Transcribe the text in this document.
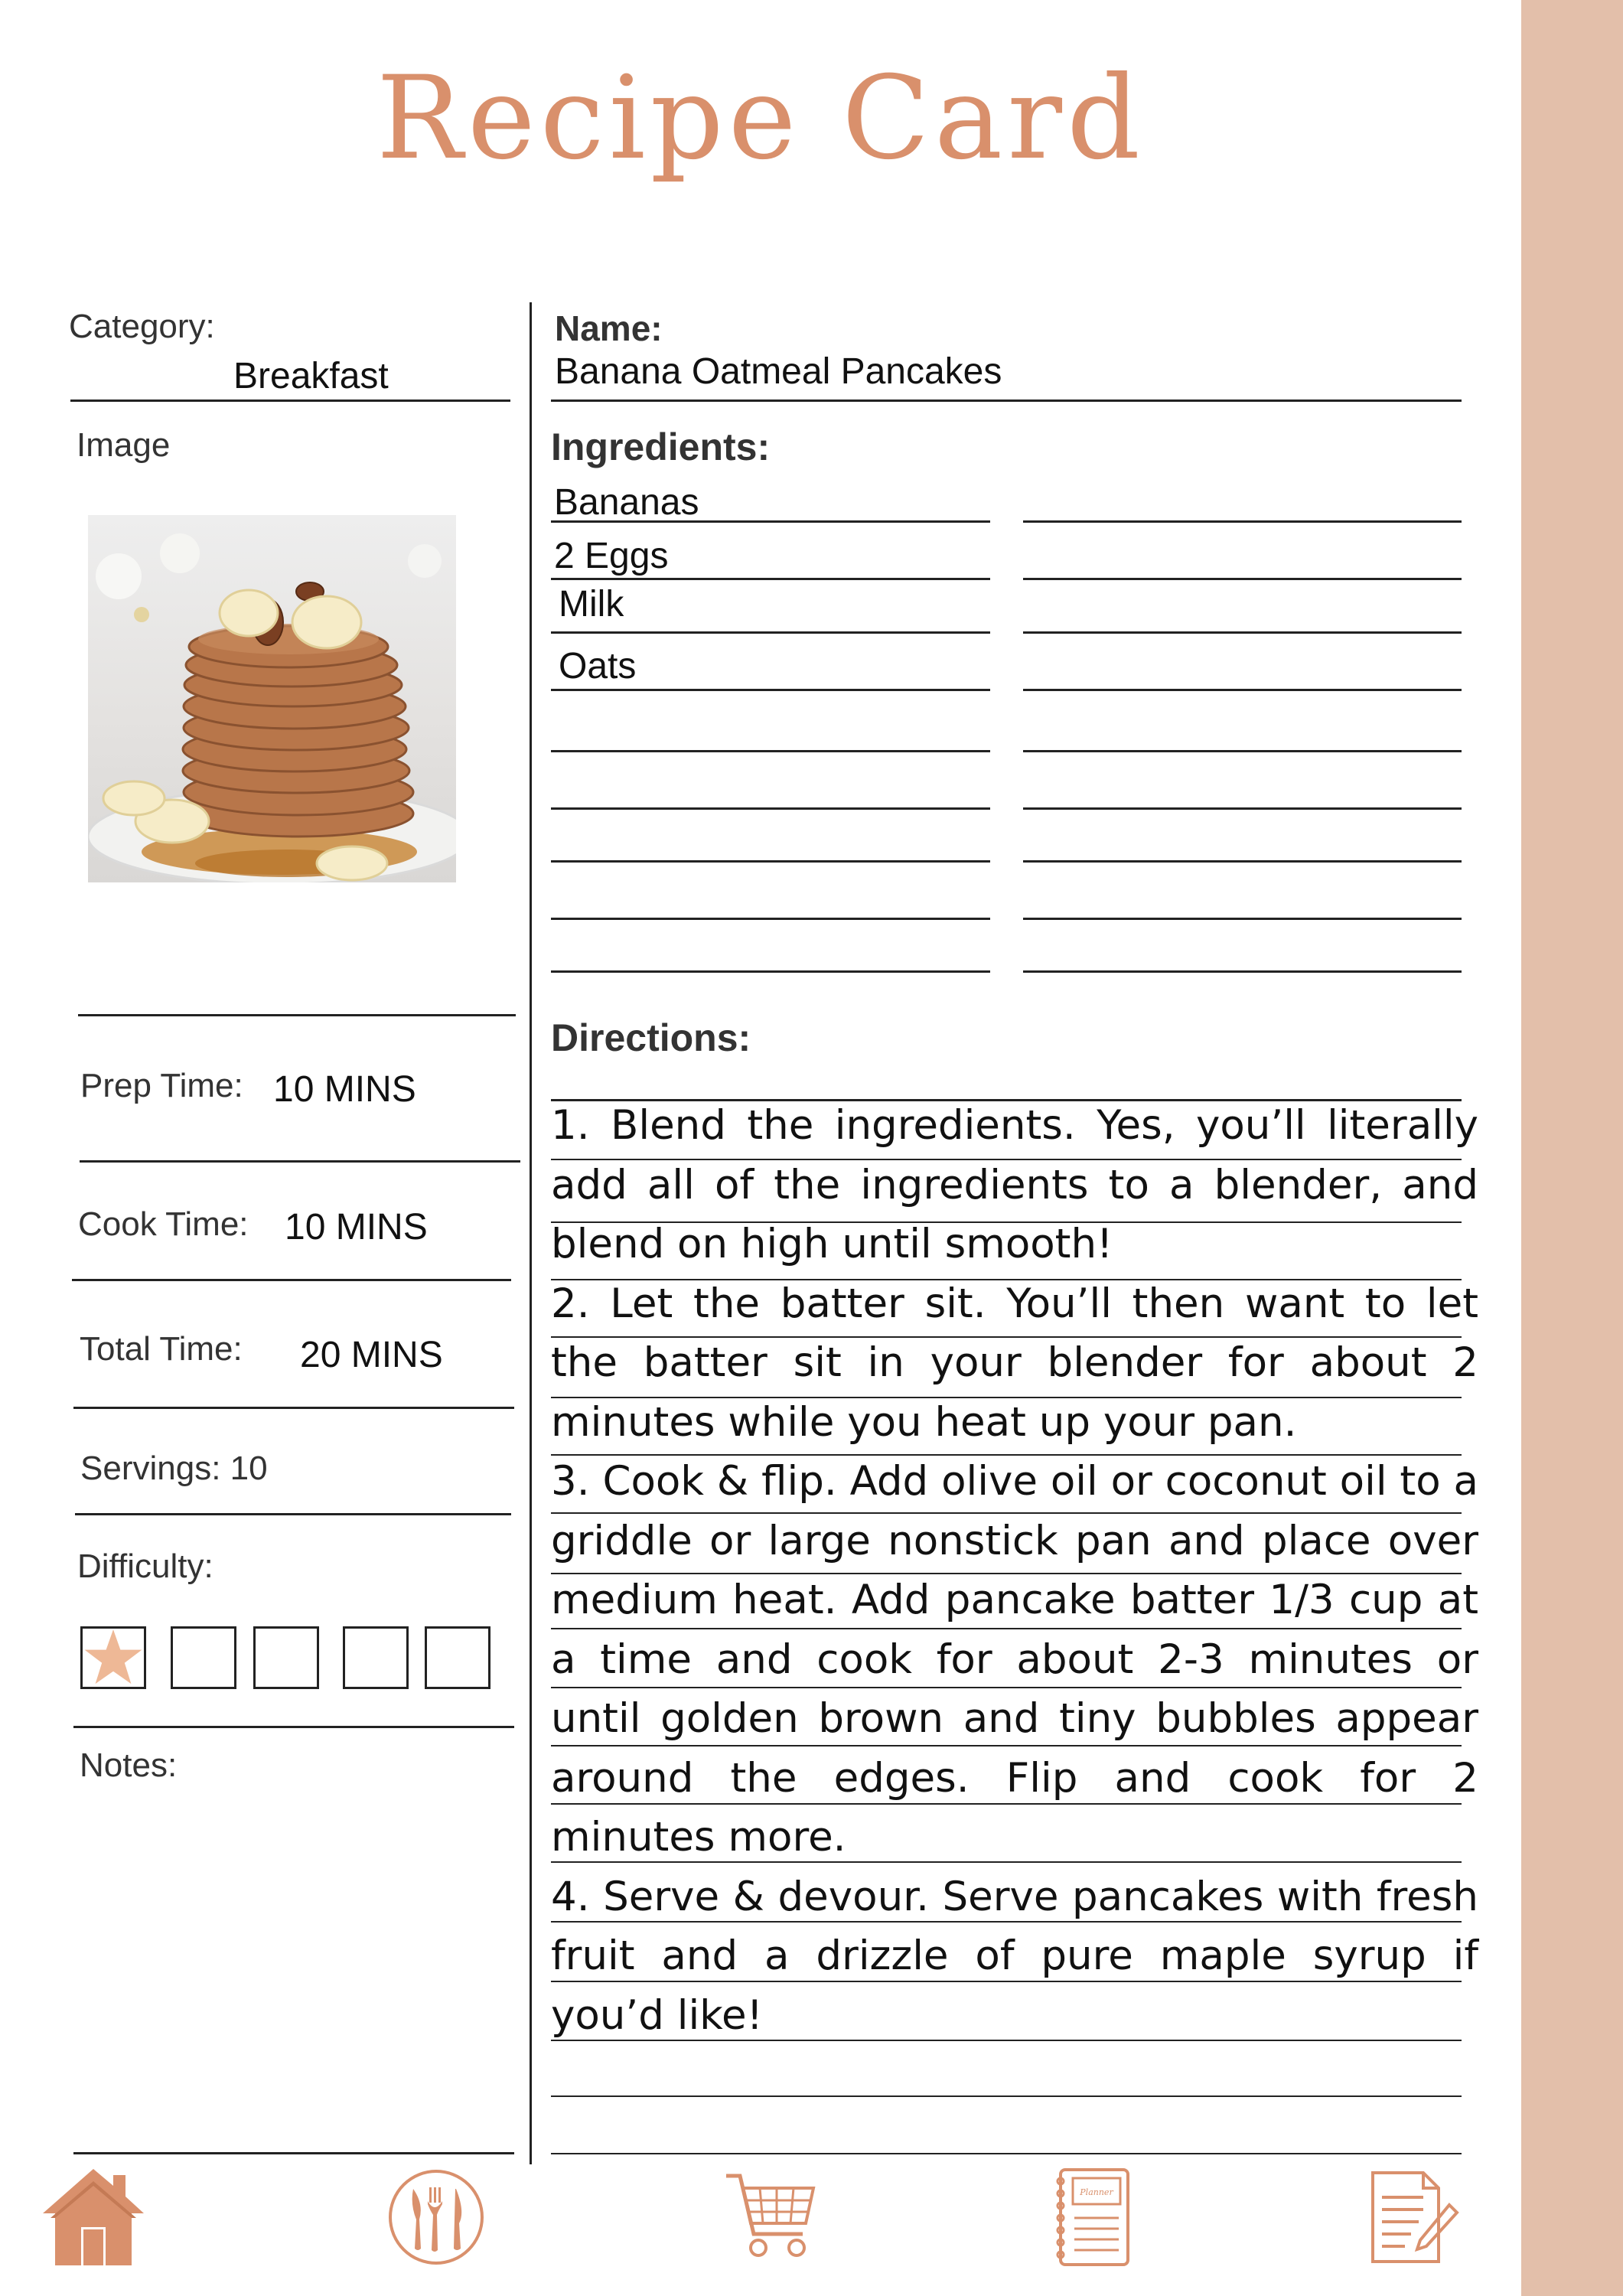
Recipe Card
Category:
Breakfast
Image
Prep Time: 10 MINS
Cook Time: 10 MINS
Total Time: 20 MINS
Servings: 10
Difficulty:
Notes:
Name:
Banana Oatmeal Pancakes
Ingredients:
Bananas
2 Eggs
Milk
Oats
Directions:

1. Blend the ingredients. Yes, you’ll literally add all of the ingredients to a blender, and blend on high until smooth!

2. Let the batter sit. You’ll then want to let the batter sit in your blender for about 2 minutes while you heat up your pan.

3. Cook & flip. Add olive oil or coconut oil to a griddle or large nonstick pan and place over medium heat. Add pancake batter 1/3 cup at a time and cook for about 2-3 minutes or until golden brown and tiny bubbles appear around the edges. Flip and cook for 2 minutes more.

4. Serve & devour. Serve pancakes with fresh fruit and a drizzle of pure maple syrup if you’d like!

Planner
